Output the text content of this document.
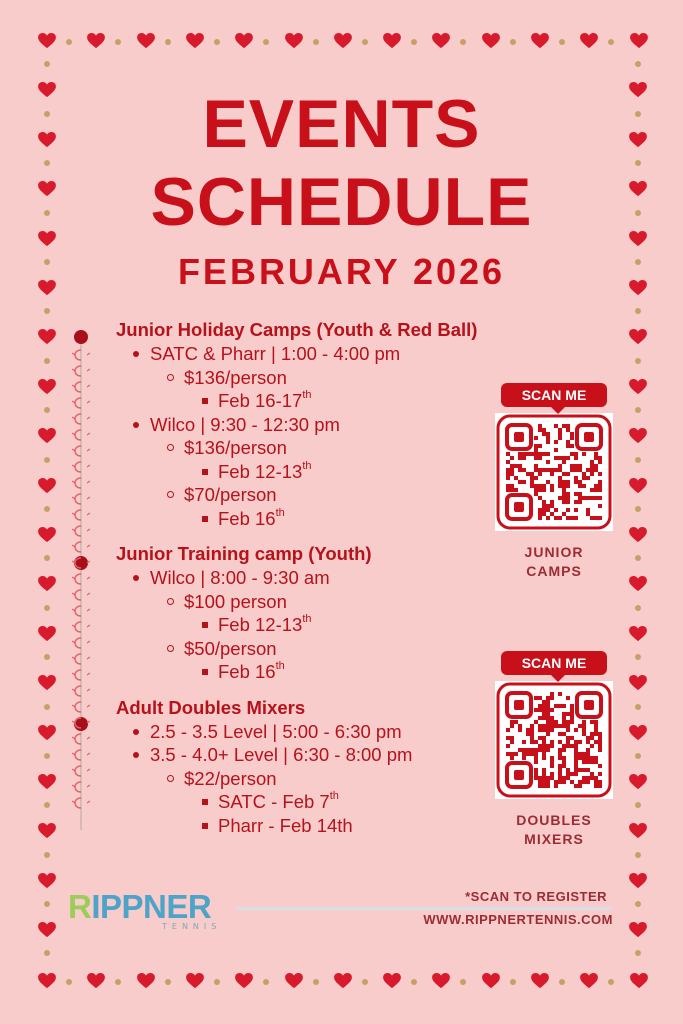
EVENTS
SCHEDULE
FEBRUARY 2026
Junior Holiday Camps (Youth & Red Ball)
SATC & Pharr | 1:00 - 4:00 pm
$136/person
Feb 16-17th
Wilco | 9:30 - 12:30 pm
$136/person
Feb 12-13th
$70/person
Feb 16th
Junior Training camp (Youth)
Wilco | 8:00 - 9:30 am
$100 person
Feb 12-13th
$50/person
Feb 16th
Adult Doubles Mixers
2.5 - 3.5 Level | 5:00 - 6:30 pm
3.5 - 4.0+ Level | 6:30 - 8:00 pm
$22/person
SATC - Feb 7th
Pharr - Feb 14th
SCAN ME
JUNIOR
CAMPS
SCAN ME
DOUBLES
MIXERS
RIPPNER
TENNIS
*SCAN TO REGISTER
WWW.RIPPNERTENNIS.COM
